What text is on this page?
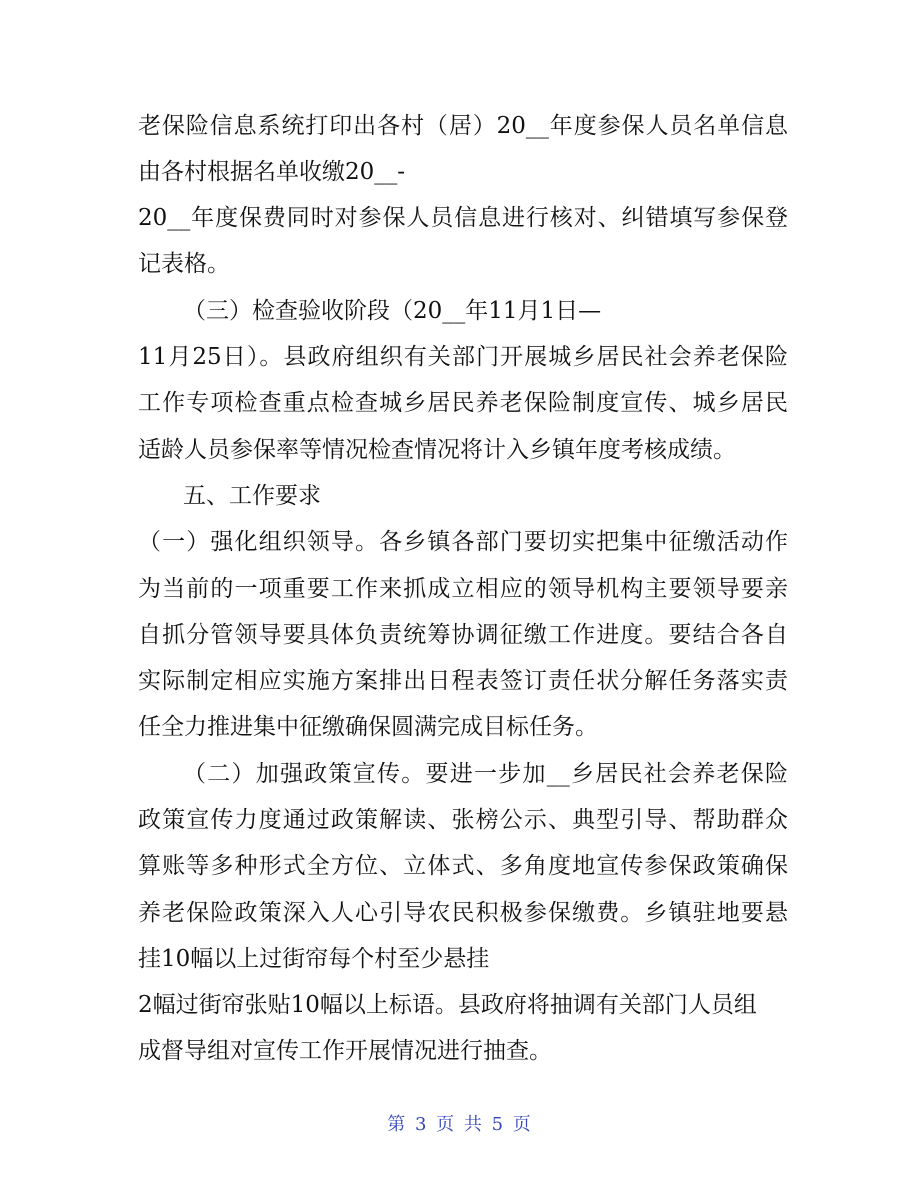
老保险信息系统打印出各村（居）20__年度参保人员名单信息
由各村根据名单收缴20__-
20__年度保费同时对参保人员信息进行核对、纠错填写参保登
记表格。
（三）检查验收阶段（20__年11月1日—
11月25日）。县政府组织有关部门开展城乡居民社会养老保险
工作专项检查重点检查城乡居民养老保险制度宣传、城乡居民
适龄人员参保率等情况检查情况将计入乡镇年度考核成绩。
五、工作要求
（一）强化组织领导。各乡镇各部门要切实把集中征缴活动作
为当前的一项重要工作来抓成立相应的领导机构主要领导要亲
自抓分管领导要具体负责统筹协调征缴工作进度。要结合各自
实际制定相应实施方案排出日程表签订责任状分解任务落实责
任全力推进集中征缴确保圆满完成目标任务。
（二）加强政策宣传。要进一步加__乡居民社会养老保险
政策宣传力度通过政策解读、张榜公示、典型引导、帮助群众
算账等多种形式全方位、立体式、多角度地宣传参保政策确保
养老保险政策深入人心引导农民积极参保缴费。乡镇驻地要悬
挂10幅以上过街帘每个村至少悬挂
2幅过街帘张贴10幅以上标语。县政府将抽调有关部门人员组
成督导组对宣传工作开展情况进行抽查。
第 3 页 共 5 页
